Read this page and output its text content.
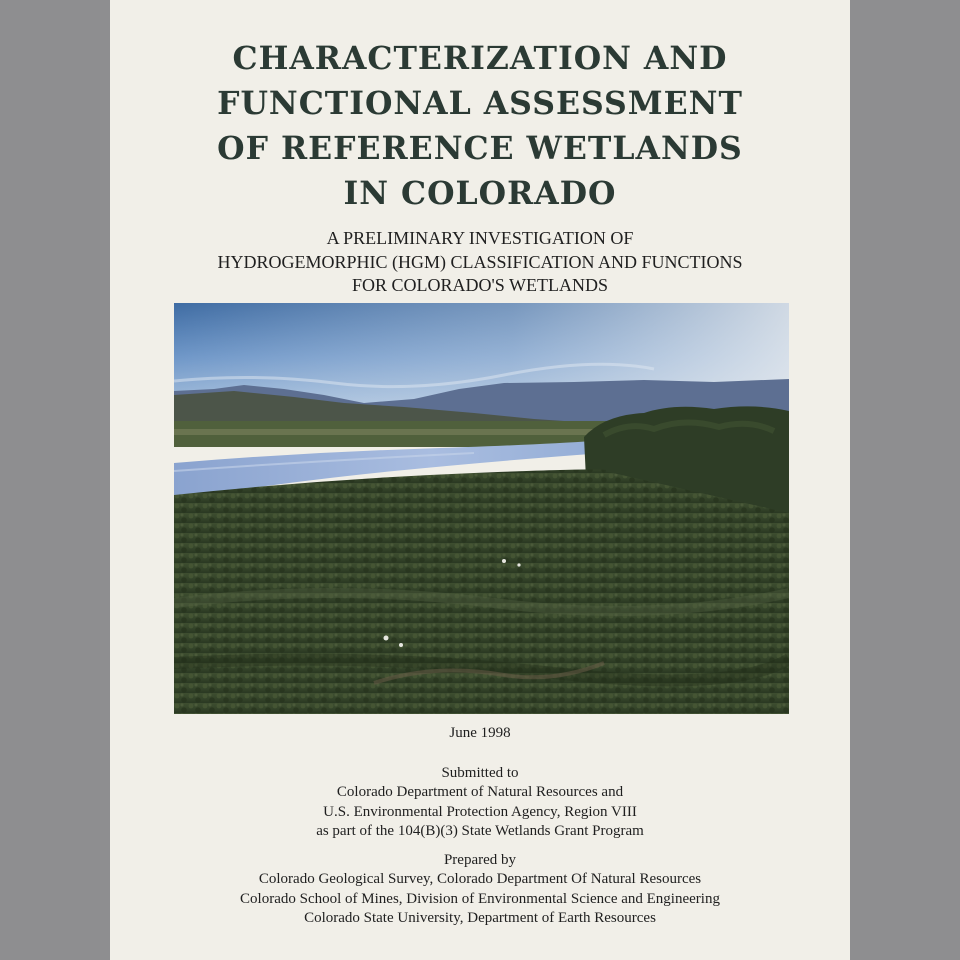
CHARACTERIZATION AND
FUNCTIONAL ASSESSMENT
OF REFERENCE WETLANDS
IN COLORADO
A PRELIMINARY INVESTIGATION OF
HYDROGEMORPHIC (HGM) CLASSIFICATION AND FUNCTIONS
FOR COLORADO'S WETLANDS
June 1998
Submitted to
Colorado Department of Natural Resources and
U.S. Environmental Protection Agency, Region VIII
as part of the 104(B)(3) State Wetlands Grant Program
Prepared by
Colorado Geological Survey, Colorado Department Of Natural Resources
Colorado School of Mines, Division of Environmental Science and Engineering
Colorado State University, Department of Earth Resources
